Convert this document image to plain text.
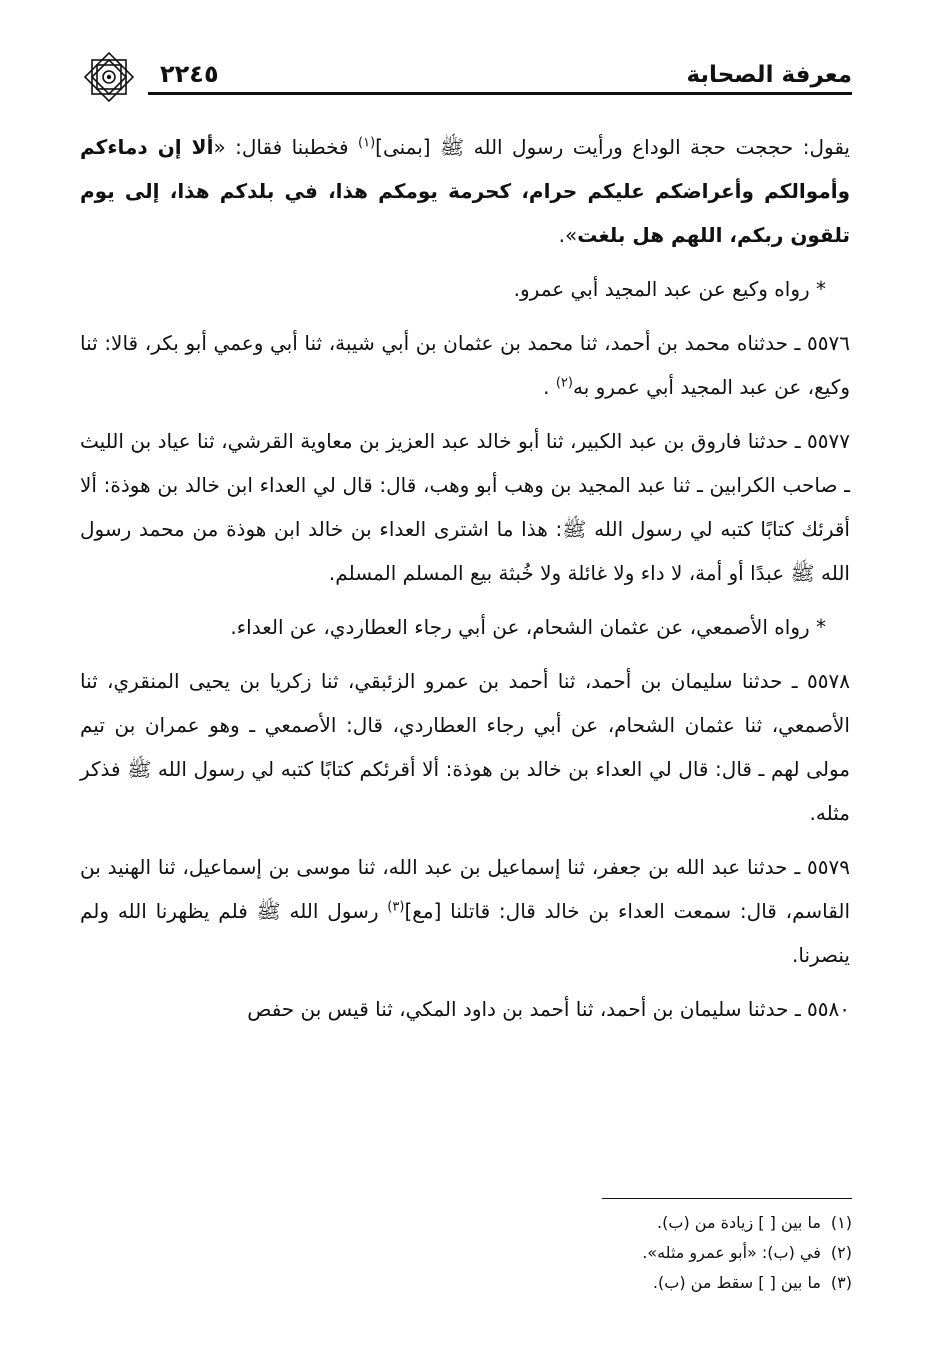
معرفة الصحابة
٢٢٤٥

يقول: حججت حجة الوداع ورأيت رسول الله ﷺ [بمنى]$^{(١)}$ فخطبنا فقال: «ألا إن دماءكم وأموالكم وأعراضكم عليكم حرام، كحرمة يومكم هذا، في بلدكم هذا، إلى يوم تلقون ربكم، اللهم هل بلغت».

* رواه وكيع عن عبد المجيد أبي عمرو.

٥٥٧٦ ـ حدثناه محمد بن أحمد، ثنا محمد بن عثمان بن أبي شيبة، ثنا أبي وعمي أبو بكر، قالا: ثنا وكيع، عن عبد المجيد أبي عمرو به$^{(٢)}$ .

٥٥٧٧ ـ حدثنا فاروق بن عبد الكبير، ثنا أبو خالد عبد العزيز بن معاوية القرشي، ثنا عياد بن الليث ـ صاحب الكرابين ـ ثنا عبد المجيد بن وهب أبو وهب، قال: قال لي العداء ابن خالد بن هوذة: ألا أقرئك كتابًا كتبه لي رسول الله ﷺ: هذا ما اشترى العداء بن خالد ابن هوذة من محمد رسول الله ﷺ عبدًا أو أمة، لا داء ولا غائلة ولا خُبثة بيع المسلم المسلم.

* رواه الأصمعي، عن عثمان الشحام، عن أبي رجاء العطاردي، عن العداء.

٥٥٧٨ ـ حدثنا سليمان بن أحمد، ثنا أحمد بن عمرو الزئبقي، ثنا زكريا بن يحيى المنقري، ثنا الأصمعي، ثنا عثمان الشحام، عن أبي رجاء العطاردي، قال: الأصمعي ـ وهو عمران بن تيم مولى لهم ـ قال: قال لي العداء بن خالد بن هوذة: ألا أقرئكم كتابًا كتبه لي رسول الله ﷺ فذكر مثله.

٥٥٧٩ ـ حدثنا عبد الله بن جعفر، ثنا إسماعيل بن عبد الله، ثنا موسى بن إسماعيل، ثنا الهنيد بن القاسم، قال: سمعت العداء بن خالد قال: قاتلنا [مع]$^{(٣)}$ رسول الله ﷺ فلم يظهرنا الله ولم ينصرنا.

٥٥٨٠ ـ حدثنا سليمان بن أحمد، ثنا أحمد بن داود المكي، ثنا قيس بن حفص

(١)ما بين [ ] زيادة من (ب).
(٢)في (ب): «أبو عمرو مثله».
(٣)ما بين [ ] سقط من (ب).
